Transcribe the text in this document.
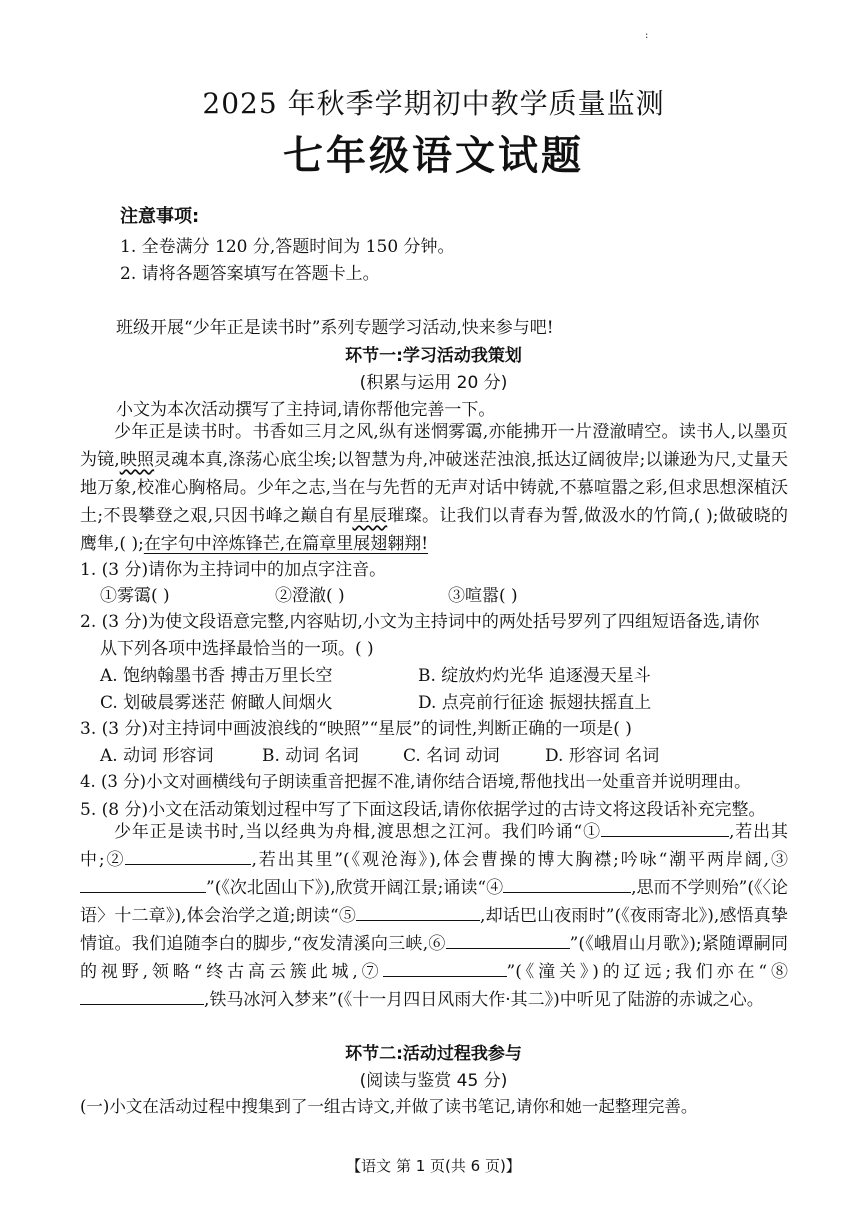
:
2025 年秋季学期初中教学质量监测
七年级语文试题
注意事项:
1. 全卷满分 120 分,答题时间为 150 分钟。
2. 请将各题答案填写在答题卡上。
班级开展“少年正是读书时”系列专题学习活动,快来参与吧!
环节一:学习活动我策划
(积累与运用 20 分)
小文为本次活动撰写了主持词,请你帮他完善一下。
少年正是读书时。书香如三月之风,纵有迷惘雾霭,亦能拂开一片澄澈晴空。读书人,以墨页为镜,映照灵魂本真,涤荡心底尘埃;以智慧为舟,冲破迷茫浊浪,抵达辽阔彼岸;以谦逊为尺,丈量天地万象,校准心胸格局。少年之志,当在与先哲的无声对话中铸就,不慕喧嚣之彩,但求思想深植沃土;不畏攀登之艰,只因书峰之巅自有星辰璀璨。让我们以青春为誓,做汲水的竹筒,( );做破晓的鹰隼,( );在字句中淬炼锋芒,在篇章里展翅翱翔!
1. (3 分)请你为主持词中的加点字注音。
①雾霭( )	②澄澈( )	③喧嚣( )
2. (3 分)为使文段语意完整,内容贴切,小文为主持词中的两处括号罗列了四组短语备选,请你
从下列各项中选择最恰当的一项。( )
A. 饱纳翰墨书香 搏击万里长空	B. 绽放灼灼光华 追逐漫天星斗
C. 划破晨雾迷茫 俯瞰人间烟火	D. 点亮前行征途 振翅扶摇直上
3. (3 分)对主持词中画波浪线的“映照”“星辰”的词性,判断正确的一项是( )
A. 动词 形容词	B. 动词 名词	C. 名词 动词	D. 形容词 名词
4. (3 分)小文对画横线句子朗读重音把握不准,请你结合语境,帮他找出一处重音并说明理由。
5. (8 分)小文在活动策划过程中写了下面这段话,请你依据学过的古诗文将这段话补充完整。
少年正是读书时,当以经典为舟楫,渡思想之江河。我们吟诵“①	,若出其中;②	,若出其里”(《观沧海》),体会曹操的博大胸襟;吟咏“潮平两岸阔,③”(《次北固山下》),欣赏开阔江景;诵读“④	,思而不学则殆”(《〈论语〉十二章》),体会治学之道;朗读“⑤	,却话巴山夜雨时”(《夜雨寄北》),感悟真挚情谊。我们追随李白的脚步,“夜发清溪向三峡,⑥	”(《峨眉山月歌》);紧随谭嗣同的视野,领略“终古高云簇此城,⑦	”(《潼关》)的辽远;我们亦在“⑧,铁马冰河入梦来”(《十一月四日风雨大作·其二》)中听见了陆游的赤诚之心。
环节二:活动过程我参与
(阅读与鉴赏 45 分)
(一)小文在活动过程中搜集到了一组古诗文,并做了读书笔记,请你和她一起整理完善。
【语文 第 1 页(共 6 页)】
